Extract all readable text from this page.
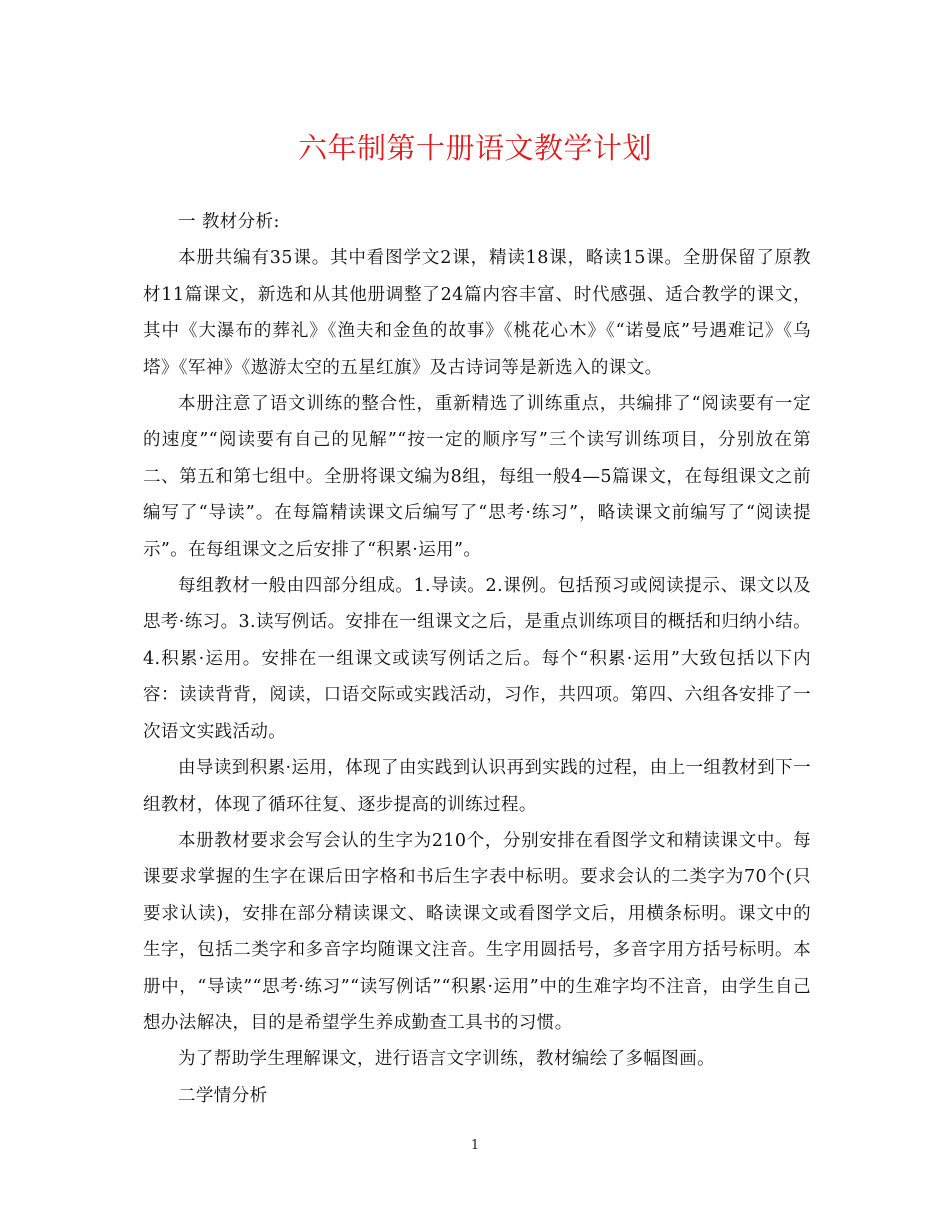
六年制第十册语文教学计划

一 教材分析:

本册共编有35课。其中看图学文2课，精读18课，略读15课。全册保留了原教材11篇课文，新选和从其他册调整了24篇内容丰富、时代感强、适合教学的课文，其中《大瀑布的葬礼》《渔夫和金鱼的故事》《桃花心木》《“诺曼底”号遇难记》《乌塔》《军神》《遨游太空的五星红旗》及古诗词等是新选入的课文。

本册注意了语文训练的整合性，重新精选了训练重点，共编排了“阅读要有一定的速度”“阅读要有自己的见解”“按一定的顺序写”三个读写训练项目，分别放在第二、第五和第七组中。全册将课文编为8组，每组一般4—5篇课文，在每组课文之前编写了“导读”。在每篇精读课文后编写了“思考·练习”，略读课文前编写了“阅读提示”。在每组课文之后安排了“积累·运用”。

每组教材一般由四部分组成。1.导读。2.课例。包括预习或阅读提示、课文以及思考·练习。3.读写例话。安排在一组课文之后，是重点训练项目的概括和归纳小结。4.积累·运用。安排在一组课文或读写例话之后。每个“积累·运用”大致包括以下内容：读读背背，阅读，口语交际或实践活动，习作，共四项。第四、六组各安排了一次语文实践活动。

由导读到积累·运用，体现了由实践到认识再到实践的过程，由上一组教材到下一组教材，体现了循环往复、逐步提高的训练过程。

本册教材要求会写会认的生字为210个，分别安排在看图学文和精读课文中。每课要求掌握的生字在课后田字格和书后生字表中标明。要求会认的二类字为70个(只要求认读)，安排在部分精读课文、略读课文或看图学文后，用横条标明。课文中的生字，包括二类字和多音字均随课文注音。生字用圆括号，多音字用方括号标明。本册中，“导读”“思考·练习”“读写例话”“积累·运用”中的生难字均不注音，由学生自己想办法解决，目的是希望学生养成勤查工具书的习惯。

为了帮助学生理解课文，进行语言文字训练，教材编绘了多幅图画。

二学情分析

1
